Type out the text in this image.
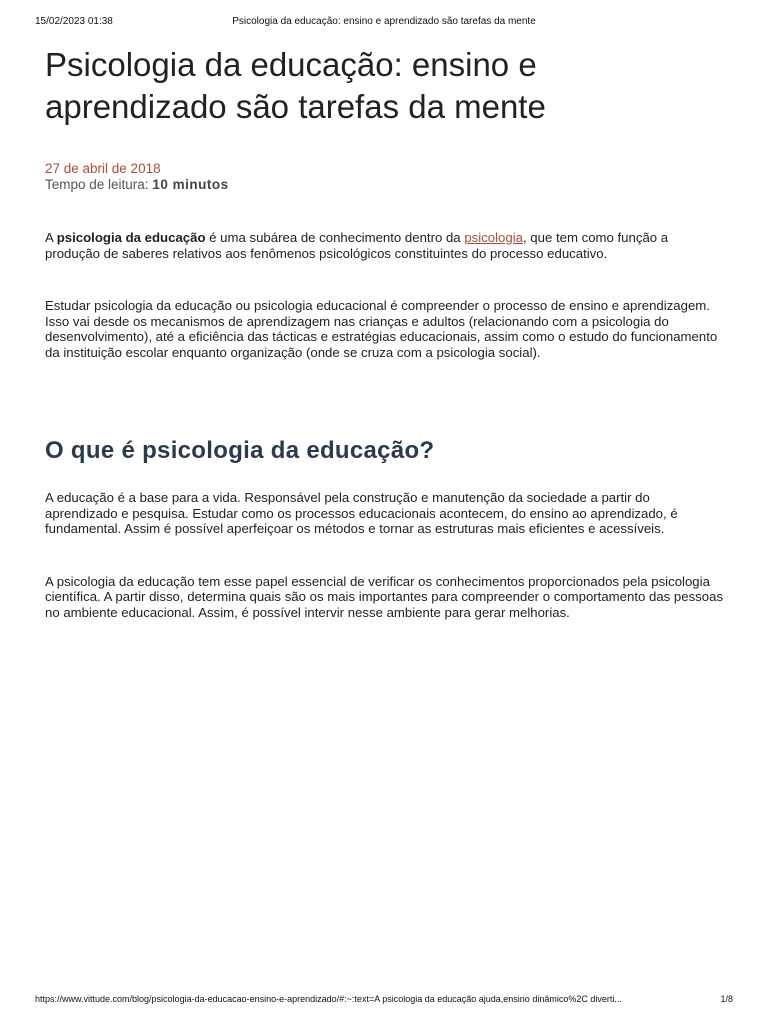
Psicologia da educação: ensino e aprendizado são tarefas da mente
15/02/2023 01:38
Psicologia da educação: ensino e aprendizado são tarefas da mente
27 de abril de 2018
Tempo de leitura: 10 minutos

A psicologia da educação é uma subárea de conhecimento dentro da psicologia, que tem como função a produção de saberes relativos aos fenômenos psicológicos constituintes do processo educativo.

Estudar psicologia da educação ou psicologia educacional é compreender o processo de ensino e aprendizagem. Isso vai desde os mecanismos de aprendizagem nas crianças e adultos (relacionando com a psicologia do desenvolvimento), até a eficiência das tácticas e estratégias educacionais, assim como o estudo do funcionamento da instituição escolar enquanto organização (onde se cruza com a psicologia social).

O que é psicologia da educação?

A educação é a base para a vida. Responsável pela construção e manutenção da sociedade a partir do aprendizado e pesquisa. Estudar como os processos educacionais acontecem, do ensino ao aprendizado, é fundamental. Assim é possível aperfeiçoar os métodos e tornar as estruturas mais eficientes e acessíveis.

A psicologia da educação tem esse papel essencial de verificar os conhecimentos proporcionados pela psicologia científica. A partir disso, determina quais são os mais importantes para compreender o comportamento das pessoas no ambiente educacional. Assim, é possível intervir nesse ambiente para gerar melhorias.

https://www.vittude.com/blog/psicologia-da-educacao-ensino-e-aprendizado/#:~:text=A psicologia da educação ajuda,ensino dinâmico%2C diverti...	1/8
